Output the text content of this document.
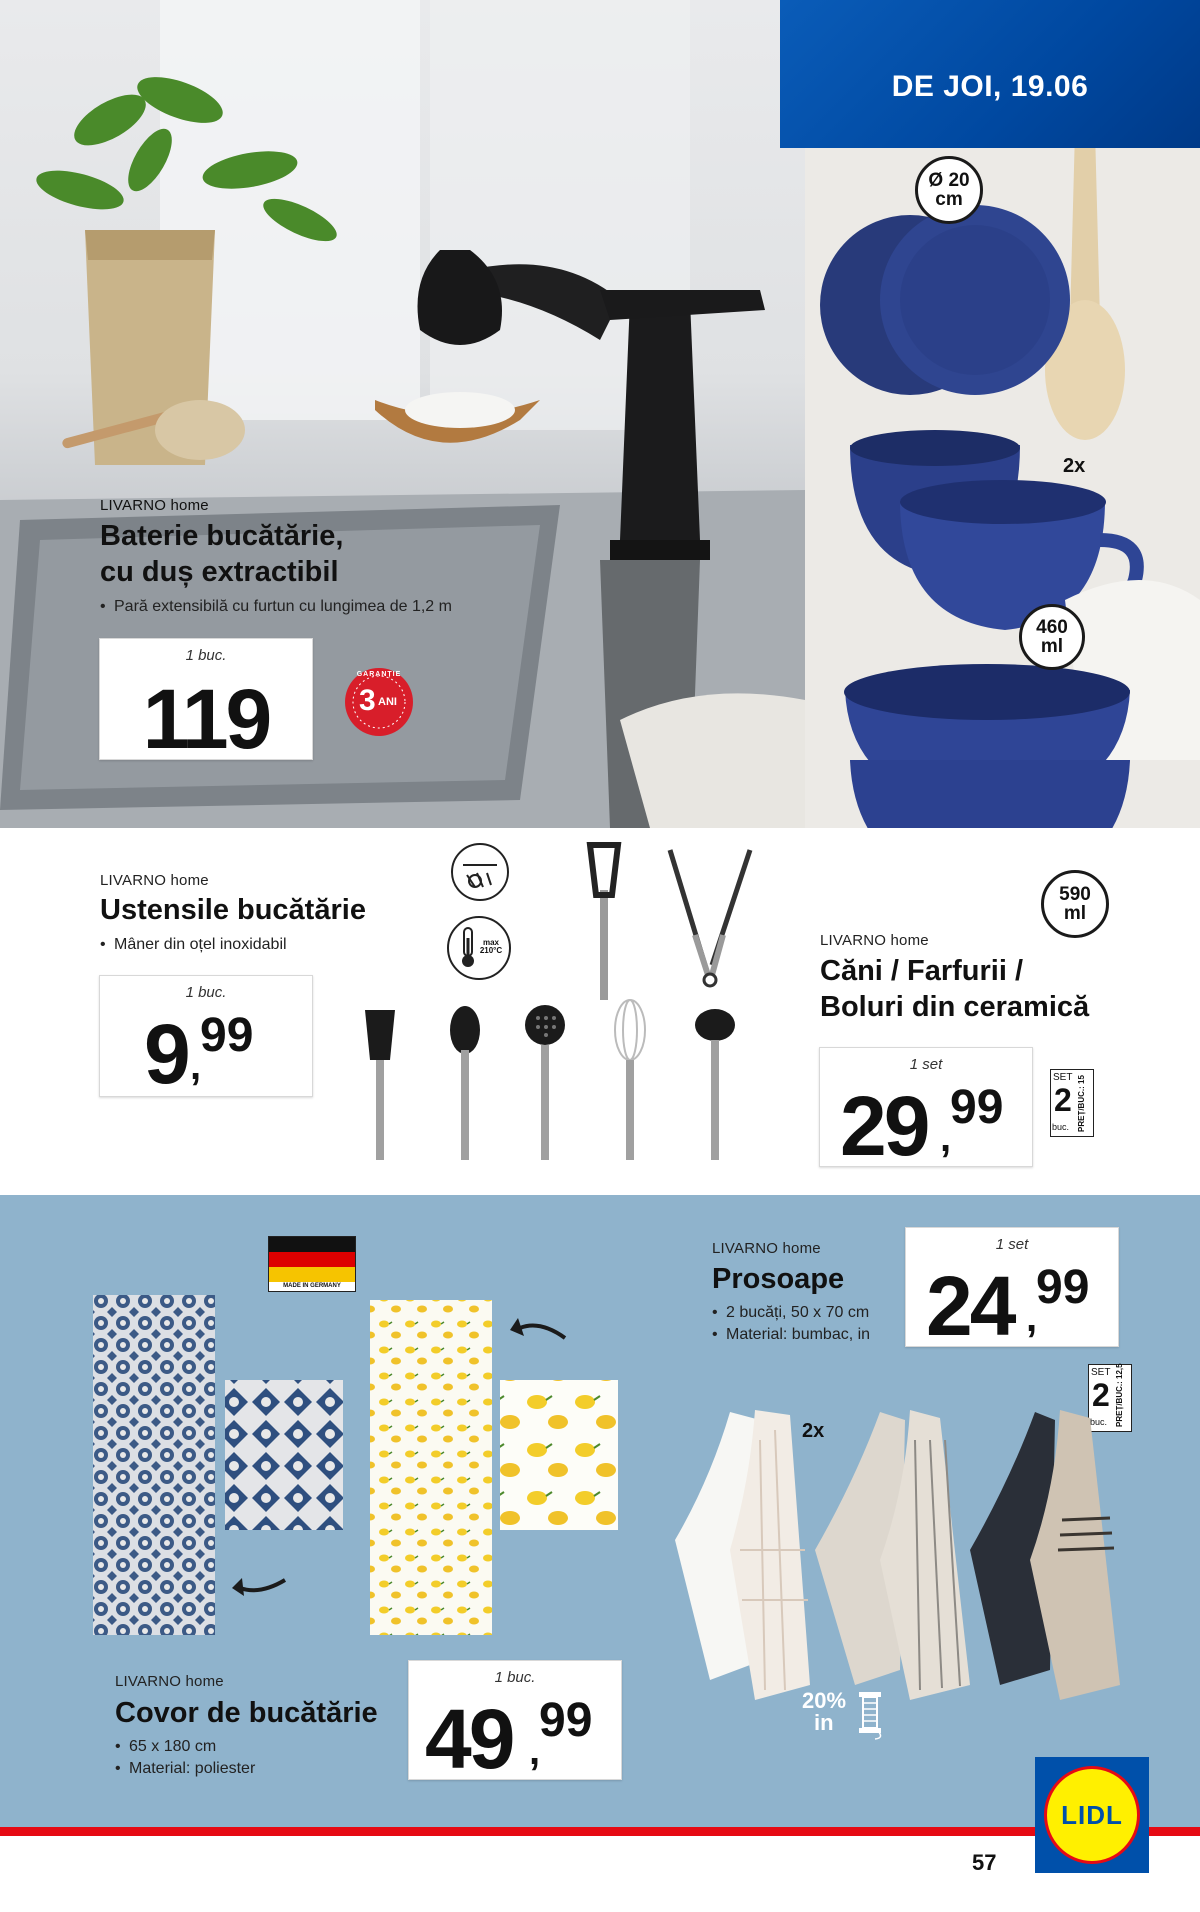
DE JOI, 19.06
Ø 20
cm
2x
460
ml
590
ml
LIVARNO home
Baterie bucătărie,
cu duș extractibil
• Pară extensibilă cu furtun cu lungimea de 1,2 m
1 buc.
119	GARANȚIE
3 ANI
LIVARNO home
Ustensile bucătărie
• Mâner din oțel inoxidabil
1 buc.
9 99
,
max 210°C
LIVARNO home
Căni / Farfurii /
Boluri din ceramică
1 set
29 99
,
SET
2
buc. PREȚ/BUC.: 15
MADE IN GERMANY
LIVARNO home
Covor de bucătărie
• 65 x 180 cm
• Material: poliester
1 buc.
49 99
,
LIVARNO home
Prosoape
• 2 bucăți, 50 x 70 cm
• Material: bumbac, in
1 set
24 99
,
SET
2
buc. PREȚ/BUC.: 12,5
2x
20%
in
LIDL
57
